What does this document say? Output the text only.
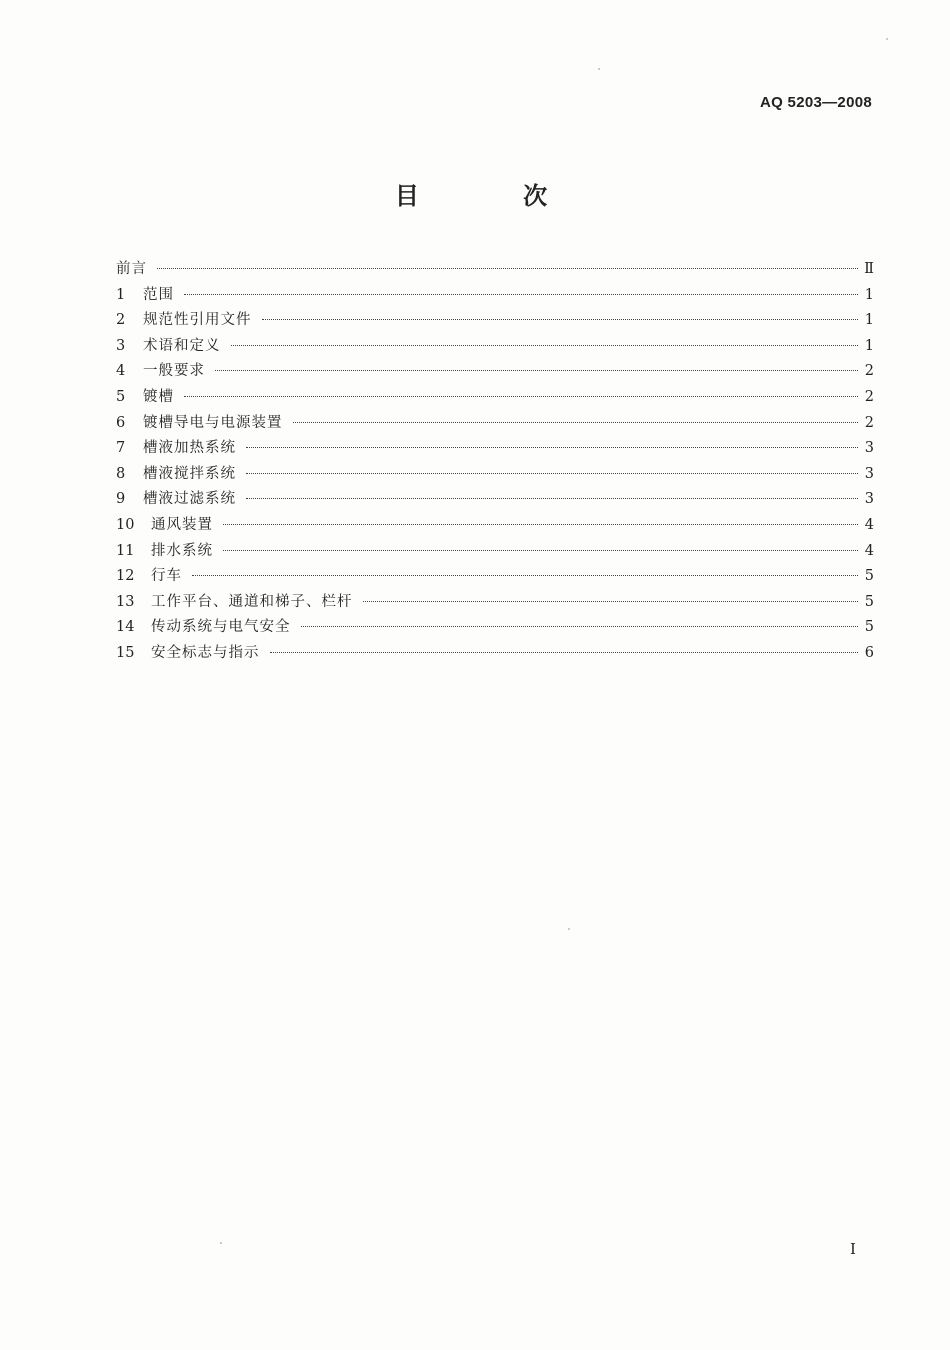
AQ 5203—2008
目 次
前言	Ⅱ
1	范围	1
2	规范性引用文件	1
3	术语和定义	1
4	一般要求	2
5	镀槽	2
6	镀槽导电与电源装置	2
7	槽液加热系统	3
8	槽液搅拌系统	3
9	槽液过滤系统	3
10	通风装置	4
11	排水系统	4
12	行车	5
13	工作平台、通道和梯子、栏杆	5
14	传动系统与电气安全	5
15	安全标志与指示	6
I
